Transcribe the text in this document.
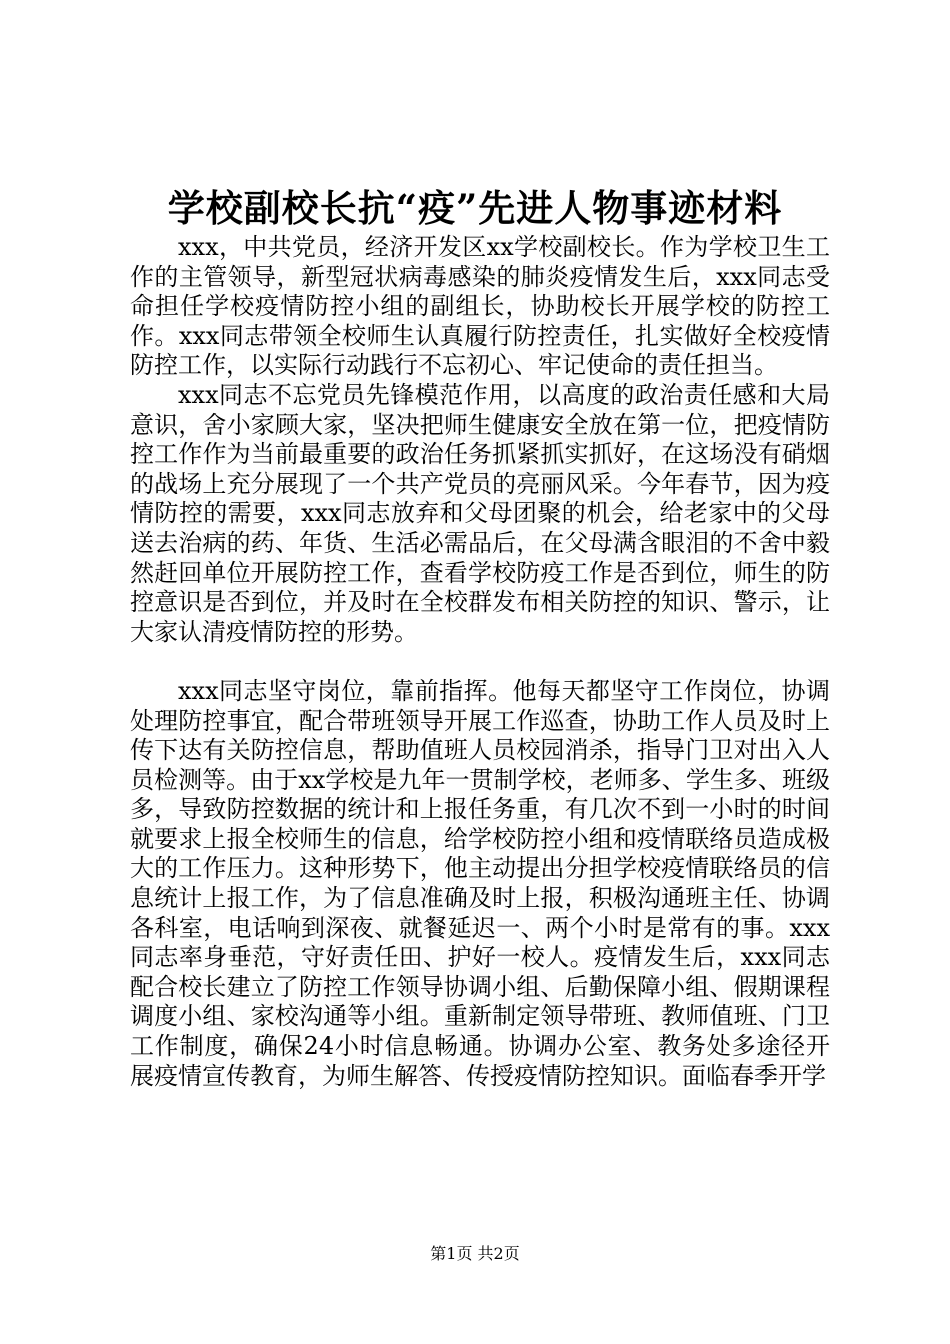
学校副校长抗“疫”先进人物事迹材料

xxx，中共党员，经济开发区xx学校副校长。作为学校卫生工作的主管领导，新型冠状病毒感染的肺炎疫情发生后，xxx同志受命担任学校疫情防控小组的副组长，协助校长开展学校的防控工作。xxx同志带领全校师生认真履行防控责任，扎实做好全校疫情防控工作，以实际行动践行不忘初心、牢记使命的责任担当。

xxx同志不忘党员先锋模范作用，以高度的政治责任感和大局意识，舍小家顾大家，坚决把师生健康安全放在第一位，把疫情防控工作作为当前最重要的政治任务抓紧抓实抓好，在这场没有硝烟的战场上充分展现了一个共产党员的亮丽风采。今年春节，因为疫情防控的需要，xxx同志放弃和父母团聚的机会，给老家中的父母送去治病的药、年货、生活必需品后，在父母满含眼泪的不舍中毅然赶回单位开展防控工作，查看学校防疫工作是否到位，师生的防控意识是否到位，并及时在全校群发布相关防控的知识、警示，让大家认清疫情防控的形势。

xxx同志坚守岗位，靠前指挥。他每天都坚守工作岗位，协调处理防控事宜，配合带班领导开展工作巡查，协助工作人员及时上传下达有关防控信息，帮助值班人员校园消杀，指导门卫对出入人员检测等。由于xx学校是九年一贯制学校，老师多、学生多、班级多，导致防控数据的统计和上报任务重，有几次不到一小时的时间就要求上报全校师生的信息，给学校防控小组和疫情联络员造成极大的工作压力。这种形势下，他主动提出分担学校疫情联络员的信息统计上报工作，为了信息准确及时上报，积极沟通班主任、协调各科室，电话响到深夜、就餐延迟一、两个小时是常有的事。xxx同志率身垂范，守好责任田、护好一校人。疫情发生后，xxx同志配合校长建立了防控工作领导协调小组、后勤保障小组、假期课程调度小组、家校沟通等小组。重新制定领导带班、教师值班、门卫工作制度，确保24小时信息畅通。协调办公室、教务处多途径开展疫情宣传教育，为师生解答、传授疫情防控知识。面临春季开学

第1页 共2页
